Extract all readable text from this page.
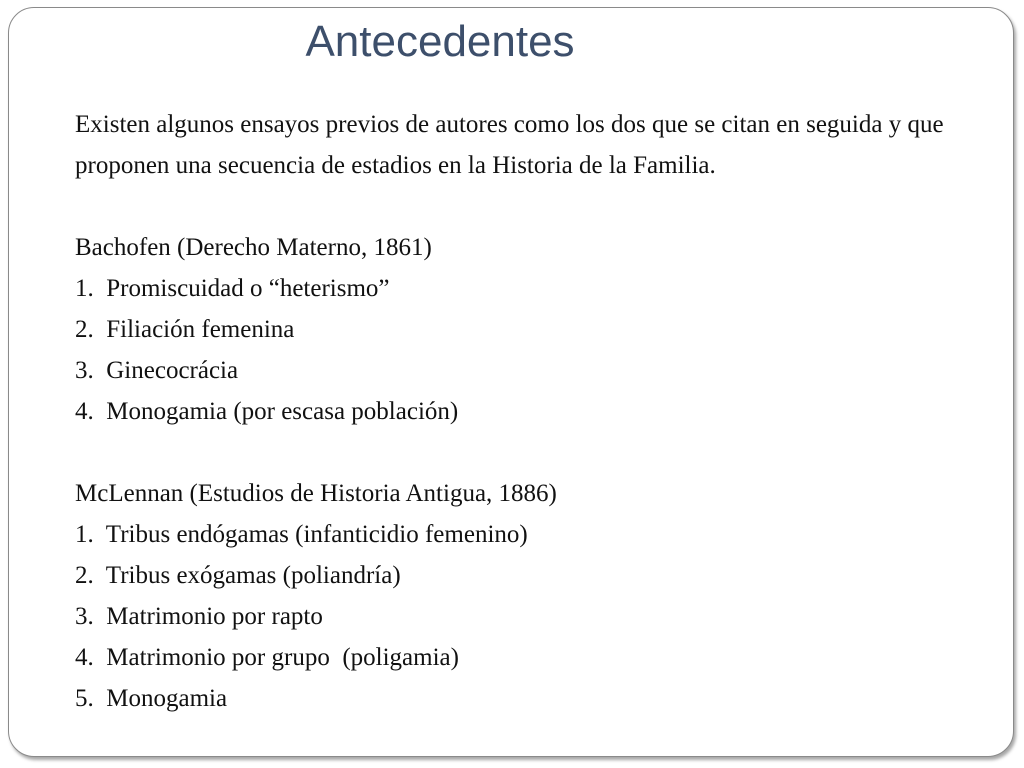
Antecedentes

Existen algunos ensayos previos de autores como los dos que se citan en seguida y que proponen una secuencia de estadios en la Historia de la Familia.

Bachofen (Derecho Materno, 1861)

1.  Promiscuidad o “heterismo”
2.  Filiación femenina
3.  Ginecocrácia
4.  Monogamia (por escasa población)

McLennan (Estudios de Historia Antigua, 1886)

1.  Tribus endógamas (infanticidio femenino)
2.  Tribus exógamas (poliandría)
3.  Matrimonio por rapto
4.  Matrimonio por grupo  (poligamia)
5.  Monogamia
